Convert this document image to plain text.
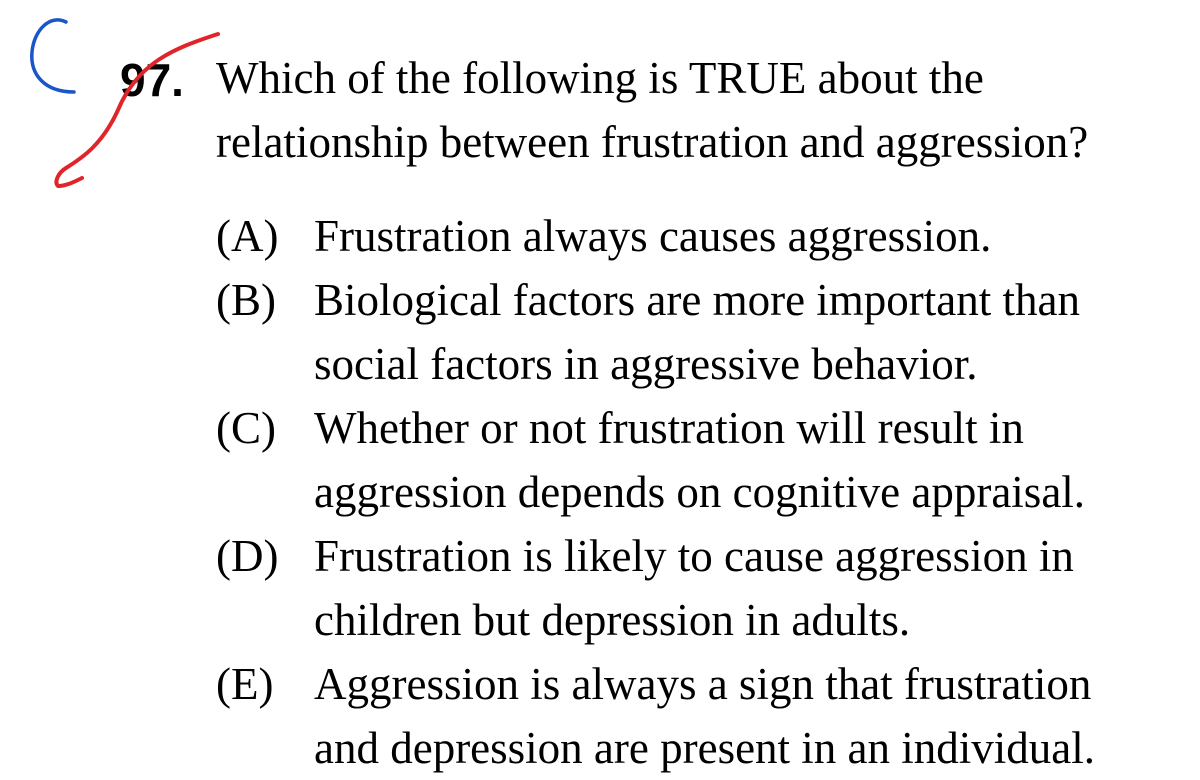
97. Which of the following is TRUE about the
relationship between frustration and aggression?
(A) Frustration always causes aggression.
(B) Biological factors are more important than
social factors in aggressive behavior.
(C) Whether or not frustration will result in
aggression depends on cognitive appraisal.
(D) Frustration is likely to cause aggression in
children but depression in adults.
(E) Aggression is always a sign that frustration
and depression are present in an individual.
